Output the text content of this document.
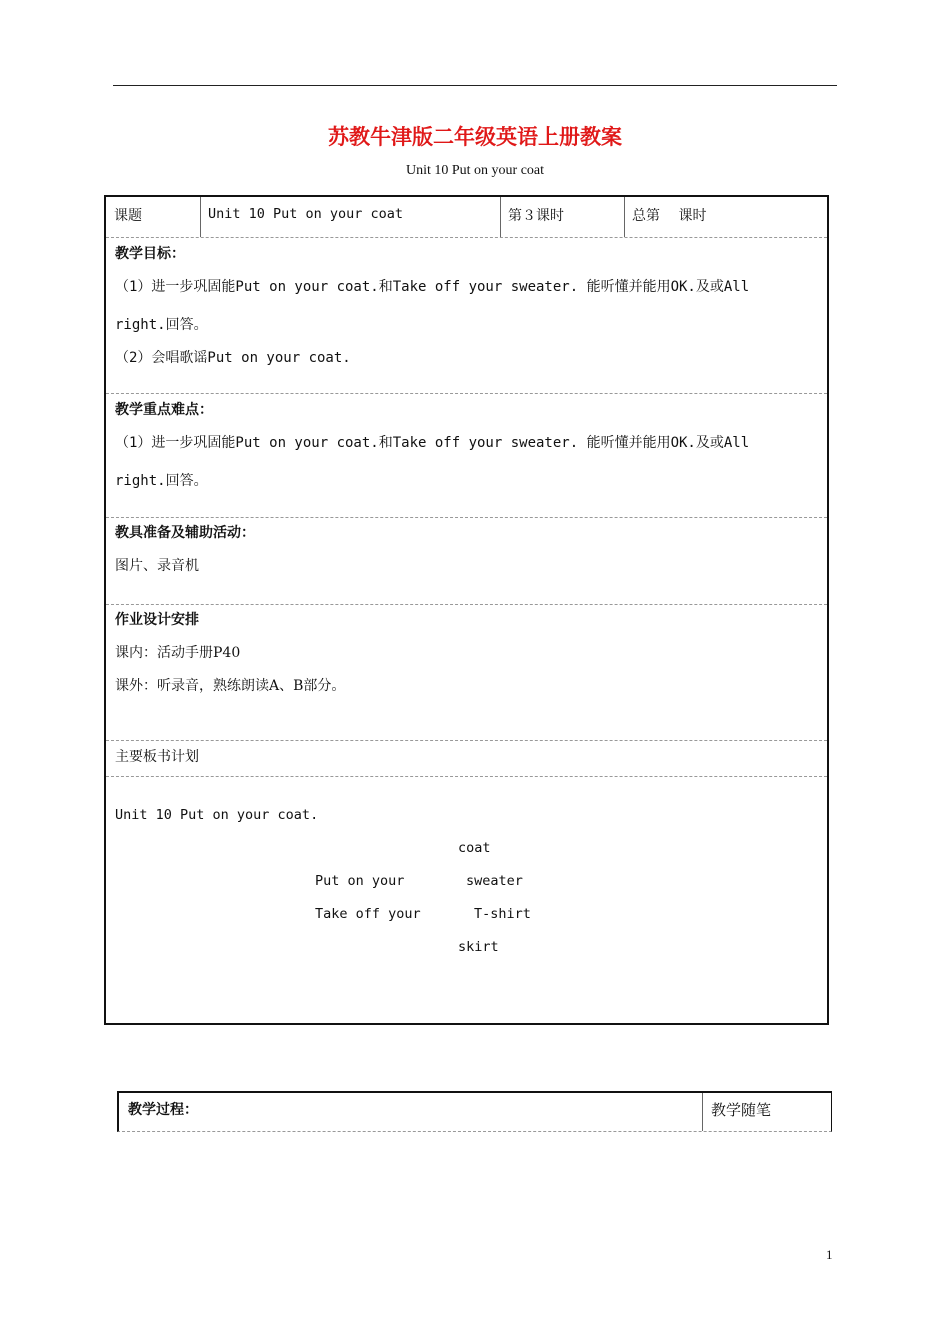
苏教牛津版二年级英语上册教案
Unit 10 Put on your coat
课题	Unit 10 Put on your coat	第３课时	总第　 课时
教学目标：
（1）进一步巩固能Put on your coat.和Take off your sweater. 能听懂并能用OK.及或All
right.回答。
（2）会唱歌谣Put on your coat.
教学重点难点：
（1）进一步巩固能Put on your coat.和Take off your sweater. 能听懂并能用OK.及或All
right.回答。
教具准备及辅助活动：
图片、录音机
作业设计安排
课内：活动手册P40
课外：听录音，熟练朗读A、B部分。
主要板书计划
Unit 10 Put on your coat.
coat
Put on your	sweater
Take off your	T-shirt
skirt
教学过程：	教学随笔
1
